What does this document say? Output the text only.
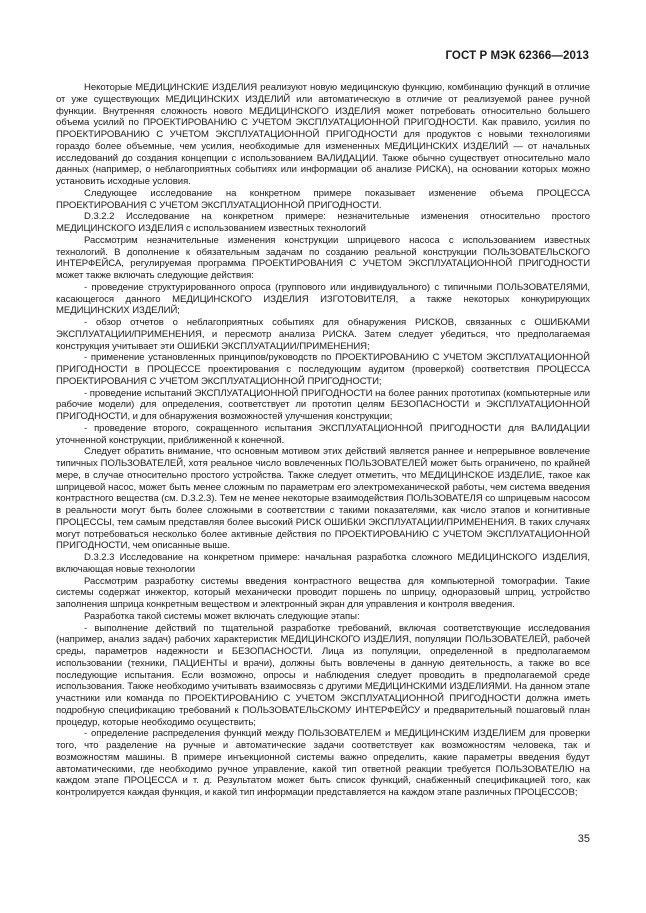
ГОСТ Р МЭК 62366—2013

Некоторые МЕДИЦИНСКИЕ ИЗДЕЛИЯ реализуют новую медицинскую функцию, комбинацию функций в отличие от уже существующих МЕДИЦИНСКИХ ИЗДЕЛИЙ или автоматическую в отличие от реализуемой ранее ручной функции. Внутренняя сложность нового МЕДИЦИНСКОГО ИЗДЕЛИЯ может потребовать относительно большего объема усилий по ПРОЕКТИРОВАНИЮ С УЧЕТОМ ЭКСПЛУАТАЦИОННОЙ ПРИГОДНОСТИ. Как правило, усилия по ПРОЕКТИРОВАНИЮ С УЧЕТОМ ЭКСПЛУАТАЦИОННОЙ ПРИГОДНОСТИ для продуктов с новыми технологиями гораздо более объемные, чем усилия, необходимые для измененных МЕДИЦИНСКИХ ИЗДЕЛИЙ — от начальных исследований до создания концепции с использованием ВАЛИДАЦИИ. Также обычно существует относительно мало данных (например, о неблагоприятных событиях или информации об анализе РИСКА), на основании которых можно установить исходные условия.

Следующее исследование на конкретном примере показывает изменение объема ПРОЦЕССА ПРОЕКТИРОВАНИЯ С УЧЕТОМ ЭКСПЛУАТАЦИОННОЙ ПРИГОДНОСТИ.

D.3.2.2 Исследование на конкретном примере: незначительные изменения относительно простого МЕДИЦИНСКОГО ИЗДЕЛИЯ с использованием известных технологий

Рассмотрим незначительные изменения конструкции шприцевого насоса с использованием известных технологий. В дополнение к обязательным задачам по созданию реальной конструкции ПОЛЬЗОВАТЕЛЬСКОГО ИНТЕРФЕЙСА, регулируемая программа ПРОЕКТИРОВАНИЯ С УЧЕТОМ ЭКСПЛУАТАЦИОННОЙ ПРИГОДНОСТИ может также включать следующие действия:

- проведение структурированного опроса (группового или индивидуального) с типичными ПОЛЬЗОВАТЕЛЯМИ, касающегося данного МЕДИЦИНСКОГО ИЗДЕЛИЯ ИЗГОТОВИТЕЛЯ, а также некоторых конкурирующих МЕДИЦИНСКИХ ИЗДЕЛИЙ;

- обзор отчетов о неблагоприятных событиях для обнаружения РИСКОВ, связанных с ОШИБКАМИ ЭКСПЛУАТАЦИИ/ПРИМЕНЕНИЯ, и пересмотр анализа РИСКА. Затем следует убедиться, что предполагаемая конструкция учитывает эти ОШИБКИ ЭКСПЛУАТАЦИИ/ПРИМЕНЕНИЯ;

- применение установленных принципов/руководств по ПРОЕКТИРОВАНИЮ С УЧЕТОМ ЭКСПЛУАТАЦИОННОЙ ПРИГОДНОСТИ в ПРОЦЕССЕ проектирования с последующим аудитом (проверкой) соответствия ПРОЦЕССА ПРОЕКТИРОВАНИЯ С УЧЕТОМ ЭКСПЛУАТАЦИОННОЙ ПРИГОДНОСТИ;

- проведение испытаний ЭКСПЛУАТАЦИОННОЙ ПРИГОДНОСТИ на более ранних прототипах (компьютерные или рабочие модели) для определения, соответствует ли прототип целям БЕЗОПАСНОСТИ и ЭКСПЛУАТАЦИОННОЙ ПРИГОДНОСТИ, и для обнаружения возможностей улучшения конструкции;

- проведение второго, сокращенного испытания ЭКСПЛУАТАЦИОННОЙ ПРИГОДНОСТИ для ВАЛИДАЦИИ уточненной конструкции, приближенной к конечной.

Следует обратить внимание, что основным мотивом этих действий является раннее и непрерывное вовлечение типичных ПОЛЬЗОВАТЕЛЕЙ, хотя реальное число вовлеченных ПОЛЬЗОВАТЕЛЕЙ может быть ограничено, по крайней мере, в случае относительно простого устройства. Также следует отметить, что МЕДИЦИНСКОЕ ИЗДЕЛИЕ, такое как шприцевой насос, может быть менее сложным по параметрам его электромеханической работы, чем система введения контрастного вещества (см. D.3.2.3). Тем не менее некоторые взаимодействия ПОЛЬЗОВАТЕЛЯ со шприцевым насосом в реальности могут быть более сложными в соответствии с такими показателями, как число этапов и когнитивные ПРОЦЕССЫ, тем самым представляя более высокий РИСК ОШИБКИ ЭКСПЛУАТАЦИИ/ПРИМЕНЕНИЯ. В таких случаях могут потребоваться несколько более активные действия по ПРОЕКТИРОВАНИЮ С УЧЕТОМ ЭКСПЛУАТАЦИОННОЙ ПРИГОДНОСТИ, чем описанные выше.

D.3.2.3 Исследование на конкретном примере: начальная разработка сложного МЕДИЦИНСКОГО ИЗДЕЛИЯ, включающая новые технологии

Рассмотрим разработку системы введения контрастного вещества для компьютерной томографии. Такие системы содержат инжектор, который механически проводит поршень по шприцу, одноразовый шприц, устройство заполнения шприца конкретным веществом и электронный экран для управления и контроля введения.

Разработка такой системы может включать следующие этапы:

- выполнение действий по тщательной разработке требований, включая соответствующие исследования (например, анализ задач) рабочих характеристик МЕДИЦИНСКОГО ИЗДЕЛИЯ, популяции ПОЛЬЗОВАТЕЛЕЙ, рабочей среды, параметров надежности и БЕЗОПАСНОСТИ. Лица из популяции, определенной в предполагаемом использовании (техники, ПАЦИЕНТЫ и врачи), должны быть вовлечены в данную деятельность, а также во все последующие испытания. Если возможно, опросы и наблюдения следует проводить в предполагаемой среде использования. Также необходимо учитывать взаимосвязь с другими МЕДИЦИНСКИМИ ИЗДЕЛИЯМИ. На данном этапе участники или команда по ПРОЕКТИРОВАНИЮ С УЧЕТОМ ЭКСПЛУАТАЦИОННОЙ ПРИГОДНОСТИ должна иметь подробную спецификацию требований к ПОЛЬЗОВАТЕЛЬСКОМУ ИНТЕРФЕЙСУ и предварительный пошаговый план процедур, которые необходимо осуществить;

- определение распределения функций между ПОЛЬЗОВАТЕЛЕМ и МЕДИЦИНСКИМ ИЗДЕЛИЕМ для проверки того, что разделение на ручные и автоматические задачи соответствует как возможностям человека, так и возможностям машины. В примере инъекционной системы важно определить, какие параметры введения будут автоматическими, где необходимо ручное управление, какой тип ответной реакции требуется ПОЛЬЗОВАТЕЛЮ на каждом этапе ПРОЦЕССА и т. д. Результатом может быть список функций, снабженный спецификацией того, как контролируется каждая функция, и какой тип информации представляется на каждом этапе различных ПРОЦЕССОВ;

35
